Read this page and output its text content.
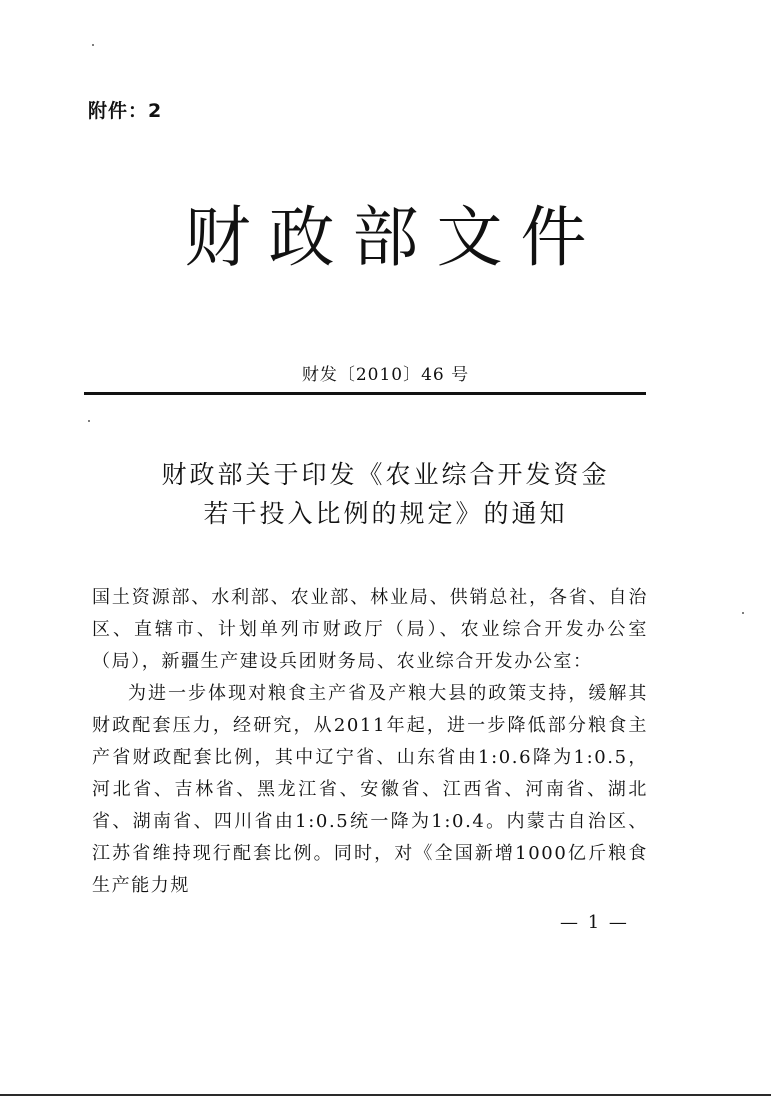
附件：2
财政部文件
财发〔2010〕46 号
财政部关于印发《农业综合开发资金
若干投入比例的规定》的通知

国土资源部、水利部、农业部、林业局、供销总社，各省、自治区、直辖市、计划单列市财政厅（局）、农业综合开发办公室（局），新疆生产建设兵团财务局、农业综合开发办公室：

为进一步体现对粮食主产省及产粮大县的政策支持，缓解其财政配套压力，经研究，从2011年起，进一步降低部分粮食主产省财政配套比例，其中辽宁省、山东省由1:0.6降为1:0.5，河北省、吉林省、黑龙江省、安徽省、江西省、河南省、湖北省、湖南省、四川省由1:0.5统一降为1:0.4。内蒙古自治区、江苏省维持现行配套比例。同时，对《全国新增1000亿斤粮食生产能力规

— 1 —
